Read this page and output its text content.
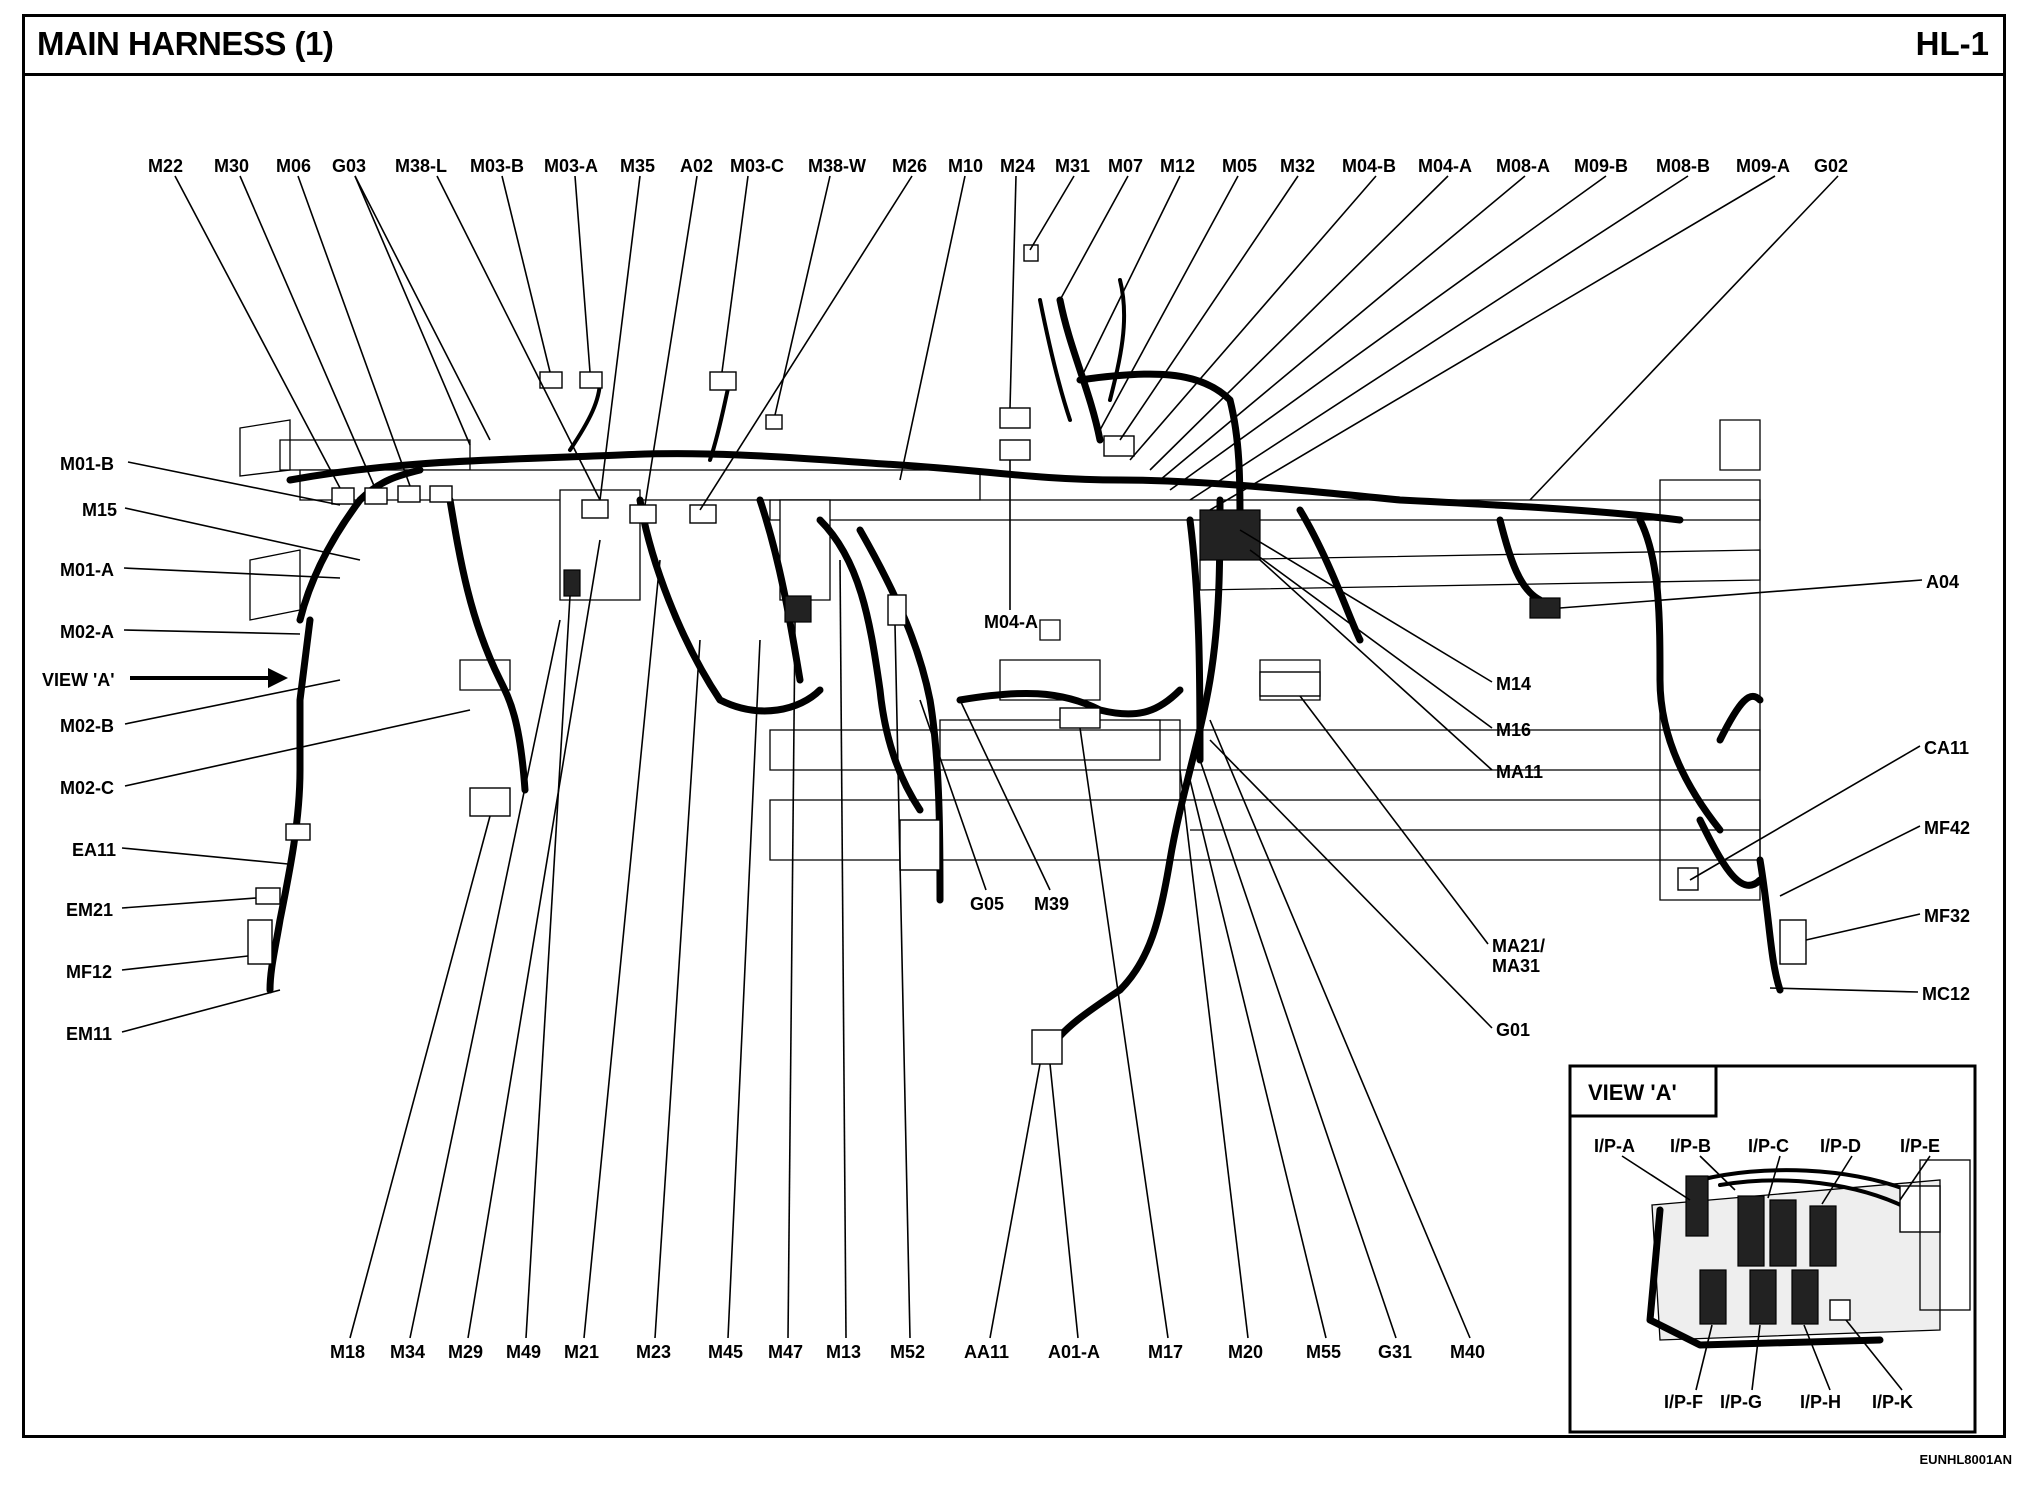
MAIN HARNESS (1)	HL-1
EUNHL8001AN
M22 M30 M06 G03 M38-L M03-B M03-A M35 A02 M03-C M38-W M26 M10 M24 M31 M07 M12 M05 M32 M04-B M04-A M08-A M09-B M08-B M09-A G02
M01-B
M15
M01-A
M02-A
VIEW 'A'
M02-B
M02-C
EA11
EM21
MF12
EM11
A04
M14
M16
MA11
CA11
MF42
MF32
MA21/ MA31
MC12
G01
M04-A
G05 M39
M18 M34 M29 M49 M21 M23 M45 M47 M13 M52 AA11 A01-A	M17 M20 M55 G31 M40
VIEW 'A'
I/P-A I/P-B I/P-C I/P-D I/P-E
I/P-F I/P-G I/P-H I/P-K
